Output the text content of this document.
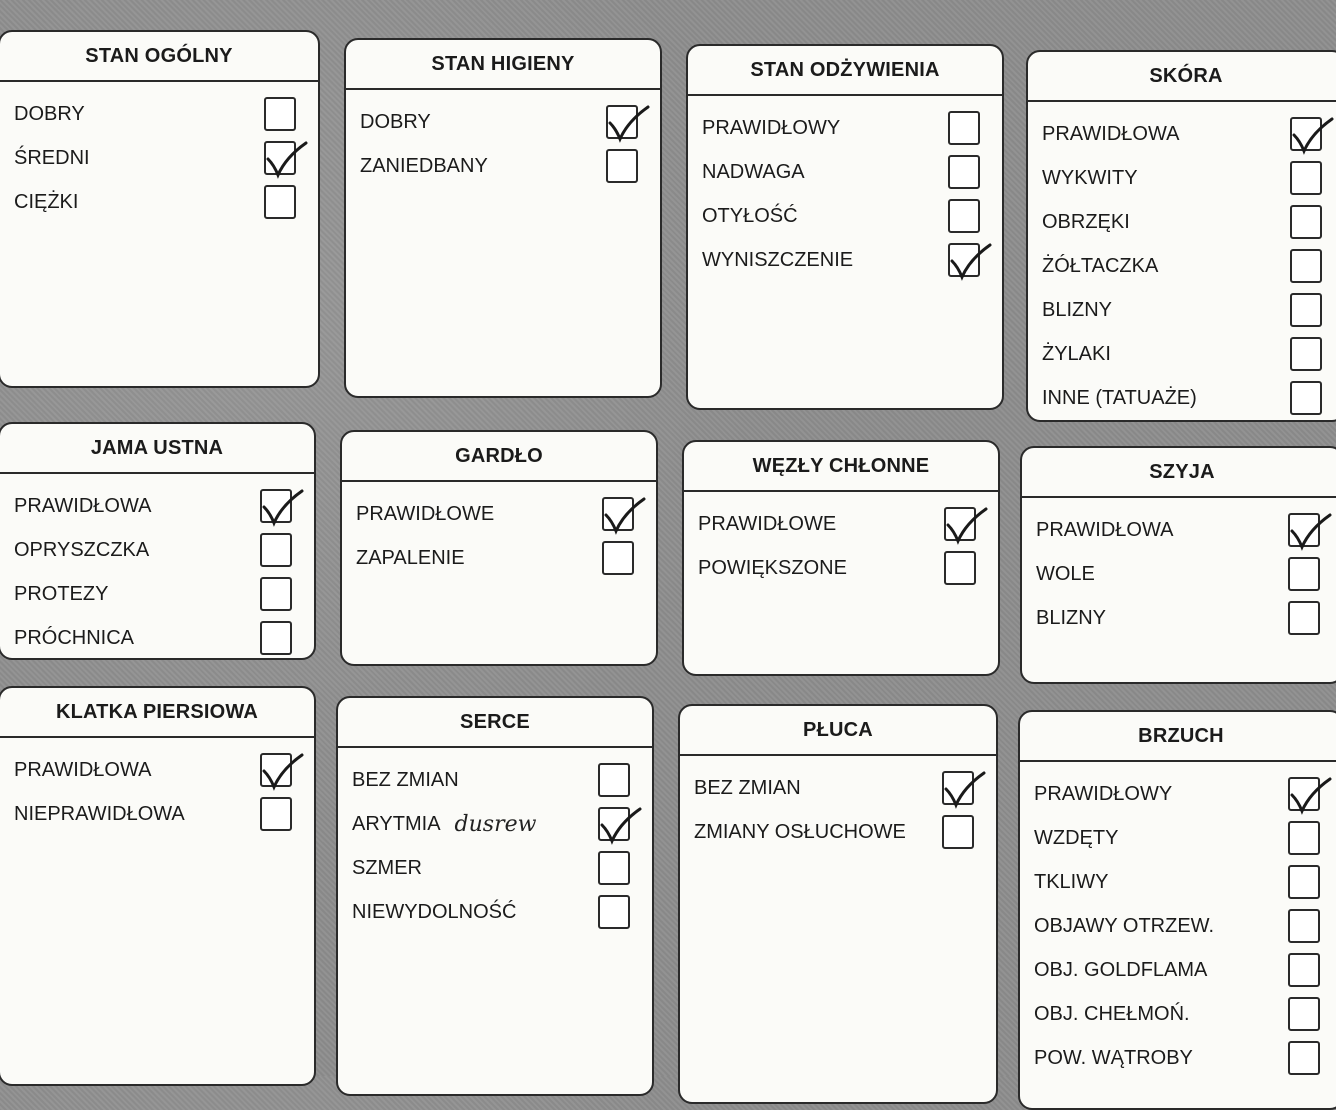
STAN OGÓLNY
DOBRY
ŚREDNI
CIĘŻKI
STAN HIGIENY
DOBRY
ZANIEDBANY
STAN ODŻYWIENIA
PRAWIDŁOWY
NADWAGA
OTYŁOŚĆ
WYNISZCZENIE
SKÓRA
PRAWIDŁOWA
WYKWITY
OBRZĘKI
ŻÓŁTACZKA
BLIZNY
ŻYLAKI
INNE (TATUAŻE)
JAMA USTNA
PRAWIDŁOWA
OPRYSZCZKA
PROTEZY
PRÓCHNICA
GARDŁO
PRAWIDŁOWE
ZAPALENIE
WĘZŁY CHŁONNE
PRAWIDŁOWE
POWIĘKSZONE
SZYJA
PRAWIDŁOWA
WOLE
BLIZNY
KLATKA PIERSIOWA
PRAWIDŁOWA
NIEPRAWIDŁOWA
SERCE
BEZ ZMIAN
ARYTMIA dusrew
SZMER
NIEWYDOLNOŚĆ
PŁUCA
BEZ ZMIAN
ZMIANY OSŁUCHOWE
BRZUCH
PRAWIDŁOWY
WZDĘTY
TKLIWY
OBJAWY OTRZEW.
OBJ. GOLDFLAMA
OBJ. CHEŁMOŃ.
POW. WĄTROBY
